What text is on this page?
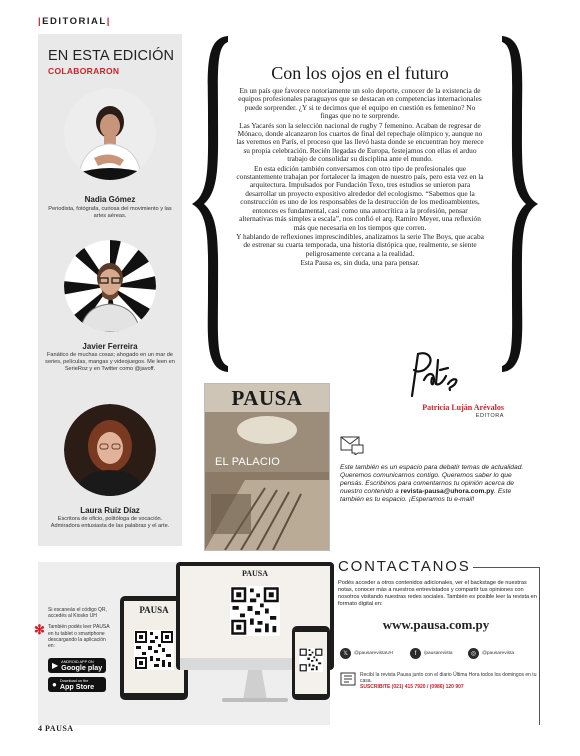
|EDITORIAL|
EN ESTA EDICIÓN
COLABORARON
Nadia Gómez
Periodista, fotógrafa, curiosa del movimiento y las artes aéreas.
Javier Ferreira
Fanático de muchas cosas; ahogado en un mar de series, películas, mangas y videojuegos. Me leen en SerieRoz y en Twitter como @javoff.
Laura Ruiz Díaz
Escritora de oficio, politóloga de vocación. Admiradora entusiasta de las palabras y el arte.
Con los ojos en el futuro

En un país que favorece notoriamente un solo deporte, conocer de la existencia de equipos profesionales paraguayos que se destacan en competencias internacionales puede sorprender. ¿Y si te decimos que el equipo en cuestión es femenino? No fingas que no te sorprende.

Las Yacarés son la selección nacional de rugby 7 femenino. Acaban de regresar de Mónaco, donde alcanzaron los cuartos de final del repechaje olímpico y, aunque no las veremos en París, el proceso que las llevó hasta donde se encuentran hoy merece su propia celebración. Recién llegadas de Europa, festejamos con ellas el arduo trabajo de consolidar su disciplina ante el mundo.

En esta edición también conversamos con otro tipo de profesionales que constantemente trabajan por fortalecer la imagen de nuestro país, pero esta vez en la arquitectura. Impulsados por Fundación Texo, tres estudios se unieron para desarrollar un proyecto expositivo alrededor del ecologismo. “Sabemos que la construcción es uno de los responsables de la destrucción de los medioambientes, entonces es fundamental, casi como una autocrítica a la profesión, pensar alternativas más simples a escala”, nos confió el arq. Ramiro Meyer, una reflexión más que necesaria en los tiempos que corren.

Y hablando de reflexiones imprescindibles, analizamos la serie The Boys, que acaba de estrenar su cuarta temporada, una historia distópica que, realmente, se siente peligrosamente cercana a la realidad.

Esta Pausa es, sin duda, una para pensar.

Patricia Luján Arévalos
EDITORA
PAUSA
EL PALACIO	Este también es un espacio para debatir temas de actualidad. Queremos comunicarnos contigo. Queremos saber lo que pensás. Escribinos para comentarnos tu opinión acerca de nuestro contenido a revista-pausa@uhora.com.py. Este también es tu espacio. ¡Esperamos tu e-mail!
Si escaneás el código QR, accedés al Kiosko UH
También podés leer PAUSA en tu tablet o smartphone descargando la aplicación en:
✻
▶ ANDROID APP ON
Google play
● Download on the
App Store
PAUSA
PAUSA	CONTACTANOS
Podés acceder a otros contenidos adicionales, ver el backstage de nuestras notas, conocer más a nuestros entrevistados y compartir tus opiniones con nosotros visitando nuestras redes sociales. También es posible leer la revista en formato digital en:
www.pausa.com.py
𝕏	@pausarevistaUH	f	/pausarevista	◎	@pausarevista
Recibí la revista Pausa junto con el diario Última Hora todos los domingos en tu casa.
SUSCRIBITE (021) 415 7920 / (0986) 120 907
4 PAUSA
